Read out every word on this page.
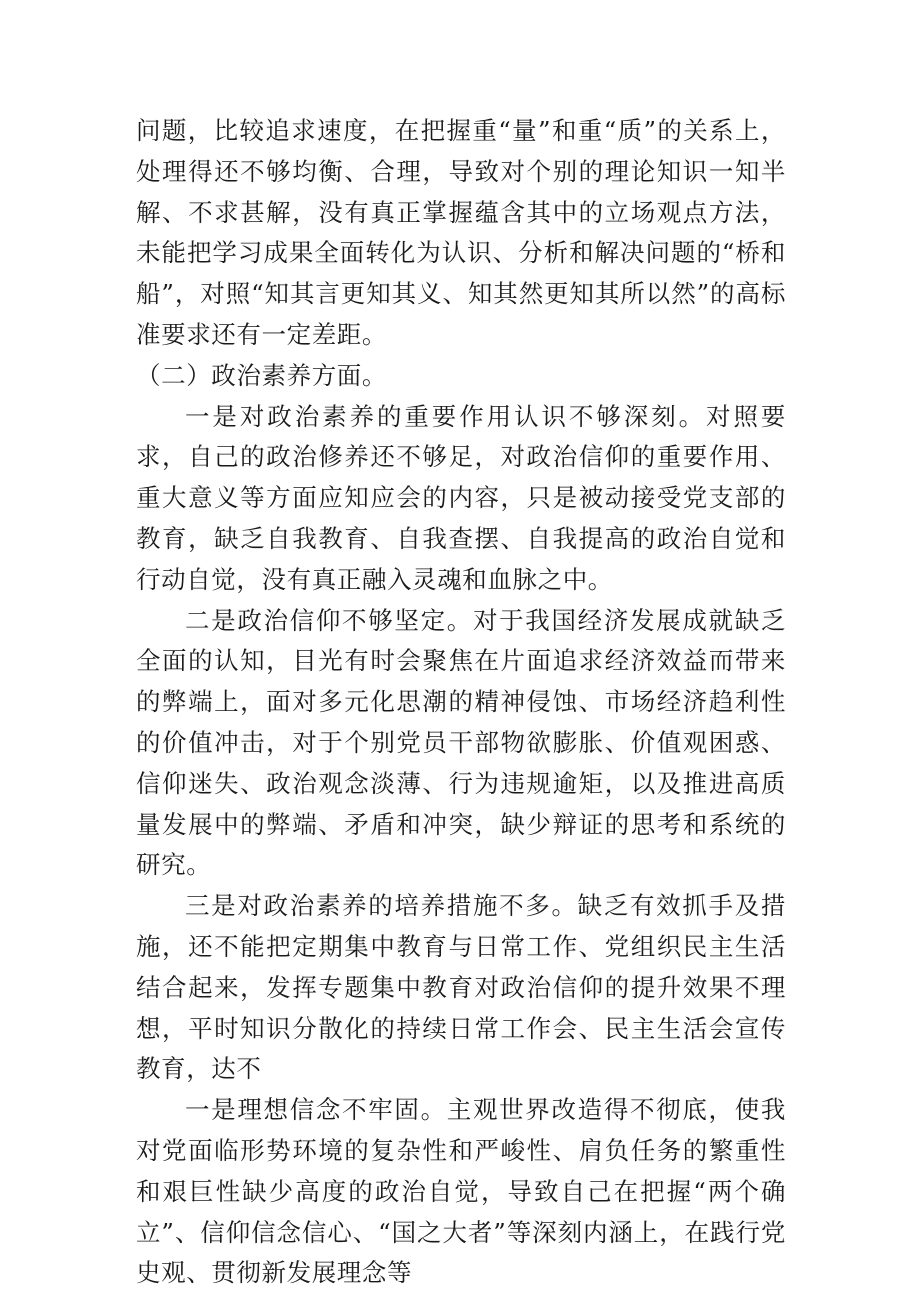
问题，比较追求速度，在把握重“量”和重“质”的关系上，处理得还不够均衡、合理，导致对个别的理论知识一知半解、不求甚解，没有真正掌握蕴含其中的立场观点方法，未能把学习成果全面转化为认识、分析和解决问题的“桥和船”，对照“知其言更知其义、知其然更知其所以然”的高标准要求还有一定差距。

（二）政治素养方面。

一是对政治素养的重要作用认识不够深刻。对照要求，自己的政治修养还不够足，对政治信仰的重要作用、重大意义等方面应知应会的内容，只是被动接受党支部的教育，缺乏自我教育、自我查摆、自我提高的政治自觉和行动自觉，没有真正融入灵魂和血脉之中。

二是政治信仰不够坚定。对于我国经济发展成就缺乏全面的认知，目光有时会聚焦在片面追求经济效益而带来的弊端上，面对多元化思潮的精神侵蚀、市场经济趋利性的价值冲击，对于个别党员干部物欲膨胀、价值观困惑、信仰迷失、政治观念淡薄、行为违规逾矩，以及推进高质量发展中的弊端、矛盾和冲突，缺少辩证的思考和系统的研究。

三是对政治素养的培养措施不多。缺乏有效抓手及措施，还不能把定期集中教育与日常工作、党组织民主生活结合起来，发挥专题集中教育对政治信仰的提升效果不理想，平时知识分散化的持续日常工作会、民主生活会宣传教育，达不

一是理想信念不牢固。主观世界改造得不彻底，使我对党面临形势环境的复杂性和严峻性、肩负任务的繁重性和艰巨性缺少高度的政治自觉，导致自己在把握“两个确立”、信仰信念信心、“国之大者”等深刻内涵上，在践行党史观、贯彻新发展理念等
